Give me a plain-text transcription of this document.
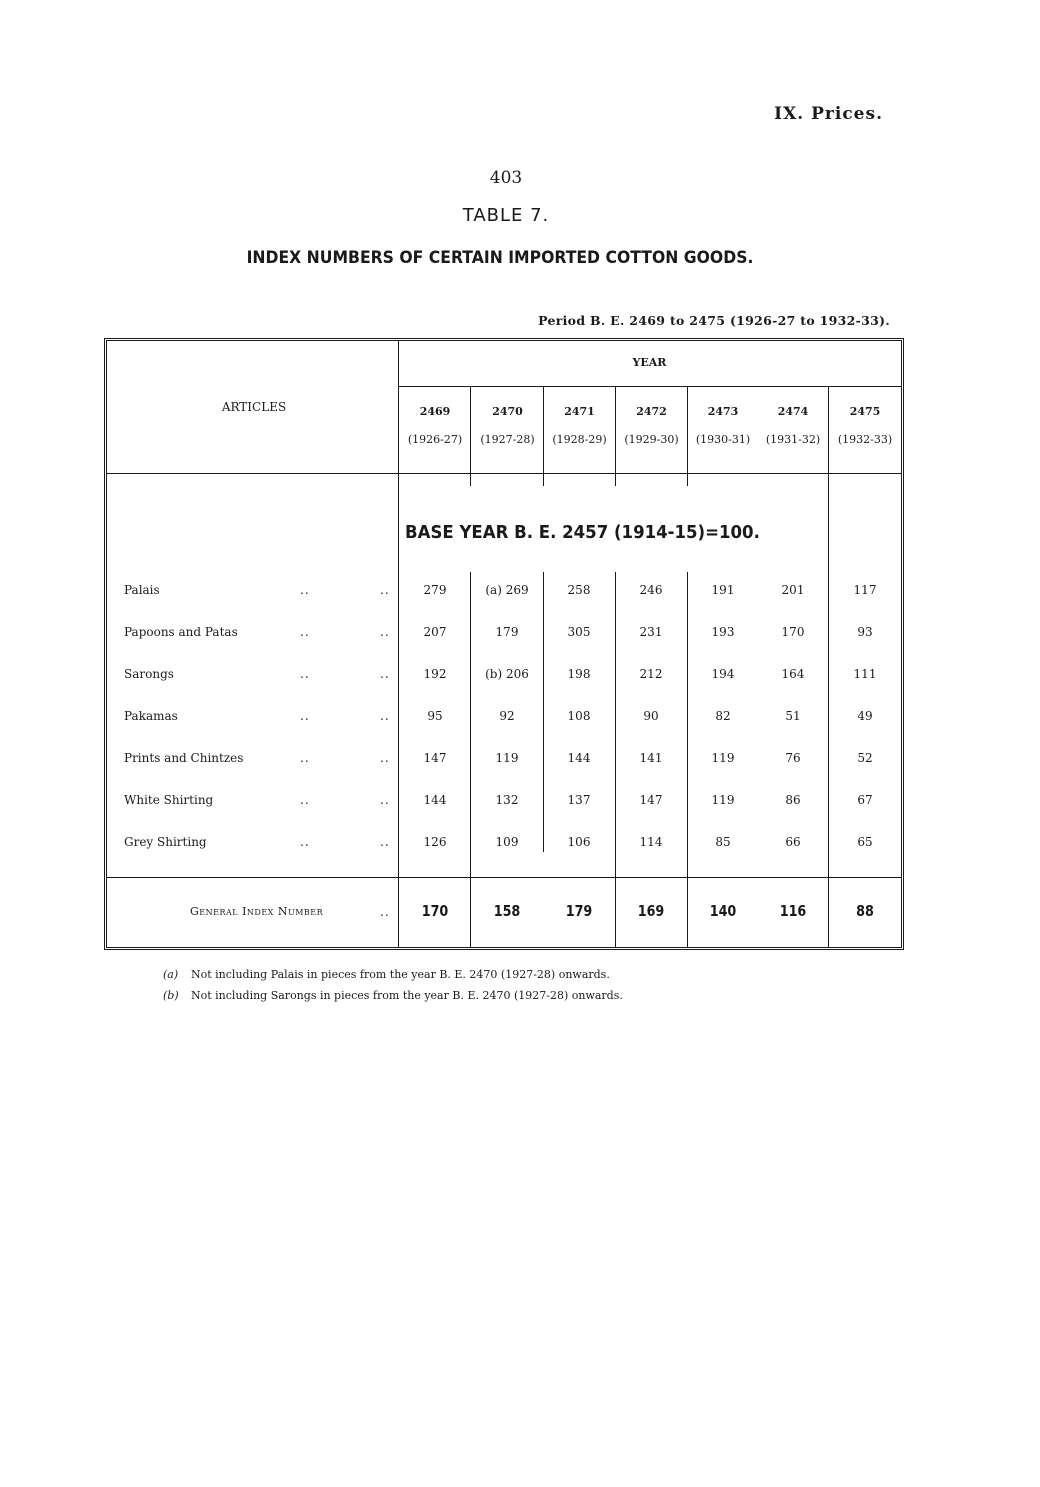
IX. Prices.
403
TABLE 7.
INDEX NUMBERS OF CERTAIN IMPORTED COTTON GOODS.
Period B. E. 2469 to 2475 (1926-27 to 1932-33).
ARTICLES
YEAR
2469
(1926-27)
2470
(1927-28)
2471
(1928-29)
2472
(1929-30)
2473
(1930-31)
2474
(1931-32)
2475
(1932-33)
BASE YEAR B. E. 2457 (1914-15)=100.
Palais	..	..	279	(a) 269	258	246	191	201	117
Papoons and Patas	..	..	207	179	305	231	193	170	93
Sarongs	..	..	192	(b) 206	198	212	194	164	111
Pakamas	..	..	95	92	108	90	82	51	49
Prints and Chintzes	..	..	147	119	144	141	119	76	52
White Shirting	..	..	144	132	137	147	119	86	67
Grey Shirting	..	..	126	109	106	114	85	66	65
General Index Number	..	170	158	179	169	140	116	88
(a) Not including Palais in pieces from the year B. E. 2470 (1927-28) onwards.
(b) Not including Sarongs in pieces from the year B. E. 2470 (1927-28) onwards.
